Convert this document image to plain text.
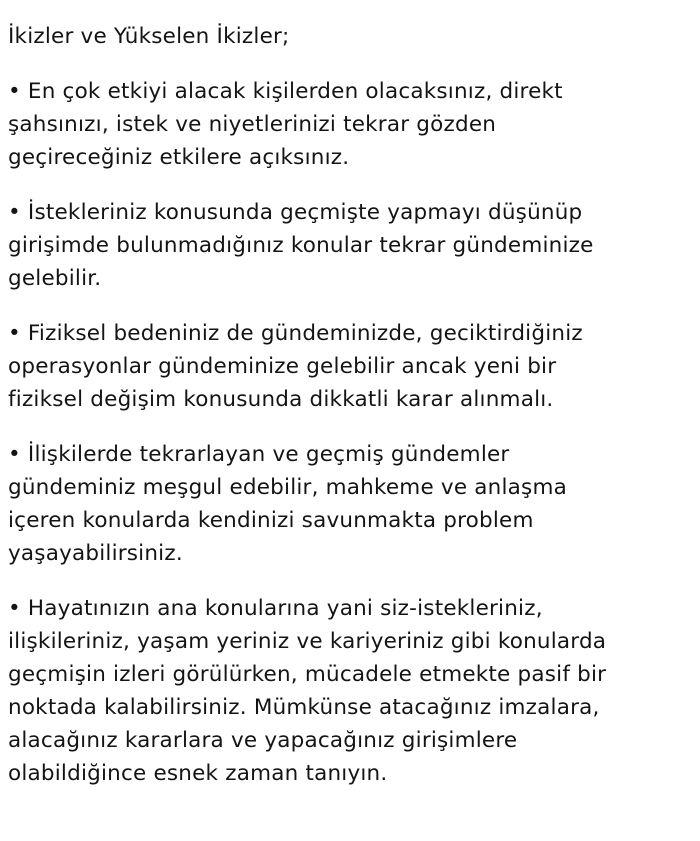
İkizler ve Yükselen İkizler;
• En çok etkiyi alacak kişilerden olacaksınız, direkt
şahsınızı, istek ve niyetlerinizi tekrar gözden
geçireceğiniz etkilere açıksınız.
• İstekleriniz konusunda geçmişte yapmayı düşünüp
girişimde bulunmadığınız konular tekrar gündeminize
gelebilir.
• Fiziksel bedeniniz de gündeminizde, geciktirdiğiniz
operasyonlar gündeminize gelebilir ancak yeni bir
fiziksel değişim konusunda dikkatli karar alınmalı.
• İlişkilerde tekrarlayan ve geçmiş gündemler
gündeminiz meşgul edebilir, mahkeme ve anlaşma
içeren konularda kendinizi savunmakta problem
yaşayabilirsiniz.
• Hayatınızın ana konularına yani siz-istekleriniz,
ilişkileriniz, yaşam yeriniz ve kariyeriniz gibi konularda
geçmişin izleri görülürken, mücadele etmekte pasif bir
noktada kalabilirsiniz. Mümkünse atacağınız imzalara,
alacağınız kararlara ve yapacağınız girişimlere
olabildiğince esnek zaman tanıyın.
